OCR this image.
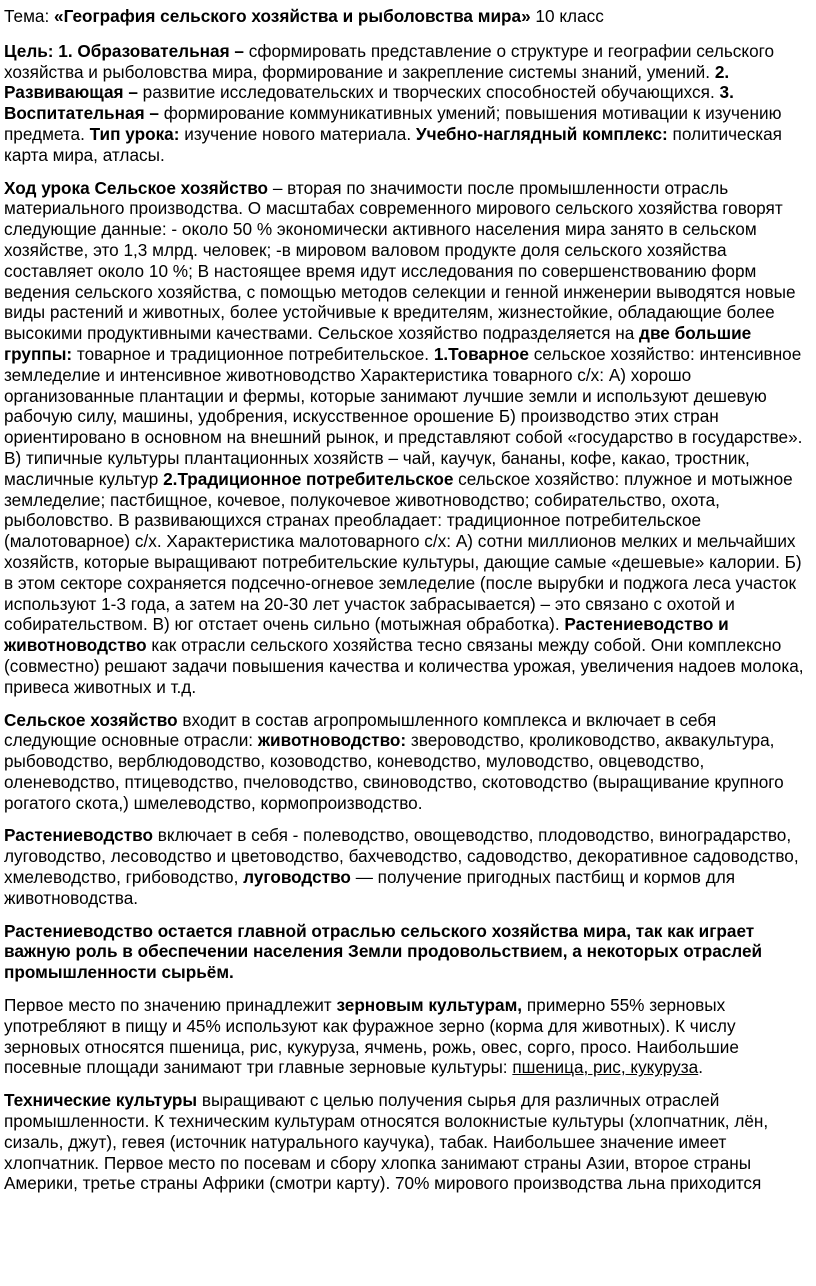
Тема: «География сельского хозяйства и рыболовства мира» 10 класс

Цель: 1. Образовательная – сформировать представление о структуре и географии сельского хозяйства и рыболовства мира, формирование и закрепление системы знаний, умений. 2. Развивающая – развитие исследовательских и творческих способностей обучающихся. 3. Воспитательная – формирование коммуникативных умений; повышения мотивации к изучению предмета. Тип урока: изучение нового материала. Учебно-наглядный комплекс: политическая карта мира, атласы.

Ход урока Сельское хозяйство – вторая по значимости после промышленности отрасль материального производства. О масштабах современного мирового сельского хозяйства говорят следующие данные: - около 50 % экономически активного населения мира занято в сельском хозяйстве, это 1,3 млрд. человек; -в мировом валовом продукте доля сельского хозяйства составляет около 10 %; В настоящее время идут исследования по совершенствованию форм ведения сельского хозяйства, с помощью методов селекции и генной инженерии выводятся новые виды растений и животных, более устойчивые к вредителям, жизнестойкие, обладающие более высокими продуктивными качествами. Сельское хозяйство подразделяется на две большие группы: товарное и традиционное потребительское. 1.Товарное сельское хозяйство: интенсивное земледелие и интенсивное животноводство Характеристика товарного с/х: А) хорошо организованные плантации и фермы, которые занимают лучшие земли и используют дешевую рабочую силу, машины, удобрения, искусственное орошение Б) производство этих стран ориентировано в основном на внешний рынок, и представляют собой «государство в государстве». В) типичные культуры плантационных хозяйств – чай, каучук, бананы, кофе, какао, тростник, масличные культур 2.Традиционное потребительское сельское хозяйство: плужное и мотыжное земледелие; пастбищное, кочевое, полукочевое животноводство; собирательство, охота, рыболовство. В развивающихся странах преобладает: традиционное потребительское (малотоварное) с/х. Характеристика малотоварного с/х: А) сотни миллионов мелких и мельчайших хозяйств, которые выращивают потребительские культуры, дающие самые «дешевые» калории. Б) в этом секторе сохраняется подсечно-огневое земледелие (после вырубки и поджога леса участок используют 1-3 года, а затем на 20-30 лет участок забрасывается) – это связано с охотой и собирательством. В) юг отстает очень сильно (мотыжная обработка). Растениеводство и животноводство как отрасли сельского хозяйства тесно связаны между собой. Они комплексно (совместно) решают задачи повышения качества и количества урожая, увеличения надоев молока, привеса животных и т.д.

Сельское хозяйство входит в состав агропромышленного комплекса и включает в себя следующие основные отрасли: животноводство: звероводство, кролиководство, аквакультура, рыбоводство, верблюдоводство, козоводство, коневодство, муловодство, овцеводство, оленеводство, птицеводство, пчеловодство, свиноводство, скотоводство (выращивание крупного рогатого скота,) шмелеводство, кормопроизводство.

Растениеводство включает в себя - полеводство, овощеводство, плодоводство, виноградарство, луговодство, лесоводство и цветоводство, бахчеводство, садоводство, декоративное садоводство, хмелеводство, грибоводство, луговодство — получение пригодных пастбищ и кормов для животноводства.

Растениеводство остается главной отраслью сельского хозяйства мира, так как играет важную роль в обеспечении населения Земли продовольствием, а некоторых отраслей промышленности сырьём.

Первое место по значению принадлежит зерновым культурам, примерно 55% зерновых употребляют в пищу и 45% используют как фуражное зерно (корма для животных). К числу зерновых относятся пшеница, рис, кукуруза, ячмень, рожь, овес, сорго, просо. Наибольшие посевные площади занимают три главные зерновые культуры: пшеница, рис, кукуруза.

Технические культуры выращивают с целью получения сырья для различных отраслей промышленности. К техническим культурам относятся волокнистые культуры (хлопчатник, лён, сизаль, джут), гевея (источник натурального каучука), табак. Наибольшее значение имеет хлопчатник. Первое место по посевам и сбору хлопка занимают страны Азии, второе страны Америки, третье страны Африки (смотри карту). 70% мирового производства льна приходится
